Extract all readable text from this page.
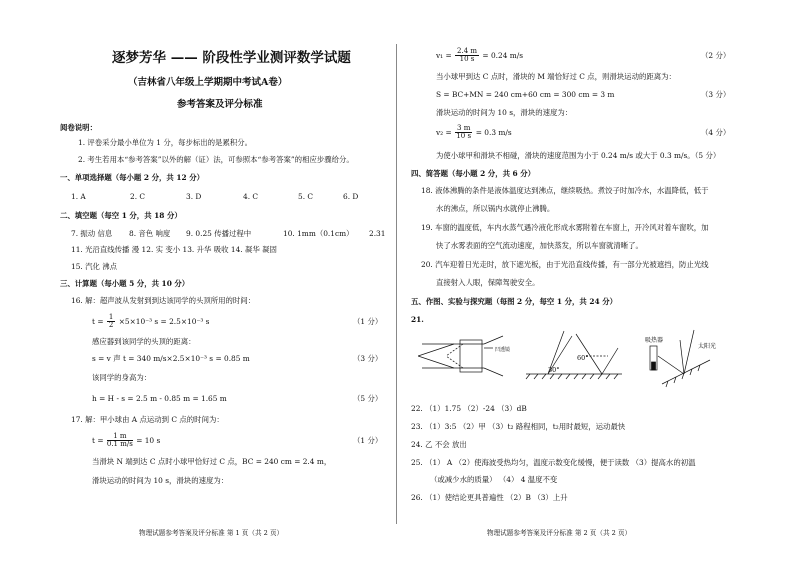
逐梦芳华 —— 阶段性学业测评数学试题
（吉林省八年级上学期期中考试A卷）
参考答案及评分标准
阅卷说明：
1. 评卷采分最小单位为 1 分，每步标出的是累积分。
2. 考生若用本“参考答案”以外的解（证）法，可参照本“参考答案”的相应步骤给分。
一、单项选择题（每小题 2 分，共 12 分）
1. A	2. C	3. D	4. C	5. C	6. D
二、填空题（每空 1 分，共 18 分）
7. 振动 信息 8. 音色 响度 9. 0.25 传播过程中	10. 1mm（0.1cm） 2.31
11. 光沿直线传播 漫 12. 实 变小 13. 升华 吸收 14. 凝华 凝固
15. 汽化 沸点
三、计算题（每小题 5 分，共 10 分）
16. 解：超声波从发射到到达该同学的头顶所用的时间：
$t = \frac{1}{2} \times 5\times 10^{-3}$ s = 2.5×10⁻³ s	（1 分）
感应器到该同学的头顶的距离：
s = v 声 t = 340 m/s×2.5×10⁻³ s = 0.85 m	（3 分）
该同学的身高为：
h = H - s = 2.5 m - 0.85 m = 1.65 m	（5 分）
17. 解：甲小球由 A 点运动到 C 点的时间为：
$t = \frac{1 m}{0.1 m/s} = 10$ s	（1 分）
当滑块 N 端到达 C 点时小球甲恰好过 C 点，BC = 240 cm = 2.4 m，
滑块运动的时间为 10 s，滑块的速度为：
物理试题参考答案及评分标准 第 1 页（共 2 页）
$v_1 = \frac{2.4 m}{10 s} = 0.24$ m/s	（2 分）
当小球甲到达 C 点时，滑块的 M 端恰好过 C 点，则滑块运动的距离为：
S = BC+MN = 240 cm+60 cm = 300 cm = 3 m	（3 分）
滑块运动的时间为 10 s，滑块的速度为：
$v_2 = \frac{3 m}{10 s} = 0.3$ m/s	（4 分）
为使小球甲和滑块不相碰，滑块的速度范围为小于 0.24 m/s 或大于 0.3 m/s。（5 分）
四、简答题（每小题 2 分，共 6 分）
18. 液体沸腾的条件是液体温度达到沸点，继续吸热。煮饺子时加冷水，水温降低，低于
水的沸点，所以锅内水就停止沸腾。
19. 车窗的温度低，车内水蒸气遇冷液化形成水雾附着在车窗上，开冷风对着车窗吹，加
快了水雾表面的空气流动速度，加快蒸发，所以车窗就清晰了。
20. 汽车迎着日光走时，放下遮光板，由于光沿直线传播，有一部分光被遮挡，防止光线
直接射入人眼，保障驾驶安全。
五、作图、实验与探究题（每图 2 分，每空 1 分，共 24 分）
21.
凹透镜
60°
30°
吸热器
太阳光
22. （1）1.75 （2）-24 （3）dB
23. （1）3:5 （2）甲 （3）t₂ 路程相同，t₂用时最短，运动最快
24. 乙 不会 放出
25. （1） A （2）使海波受热均匀，温度示数变化缓慢，便于读数 （3）提高水的初温
（或减少水的质量） （4） 4 温度不变
26. （1）使结论更具普遍性 （2）B （3）上升
物理试题参考答案及评分标准 第 2 页（共 2 页）
